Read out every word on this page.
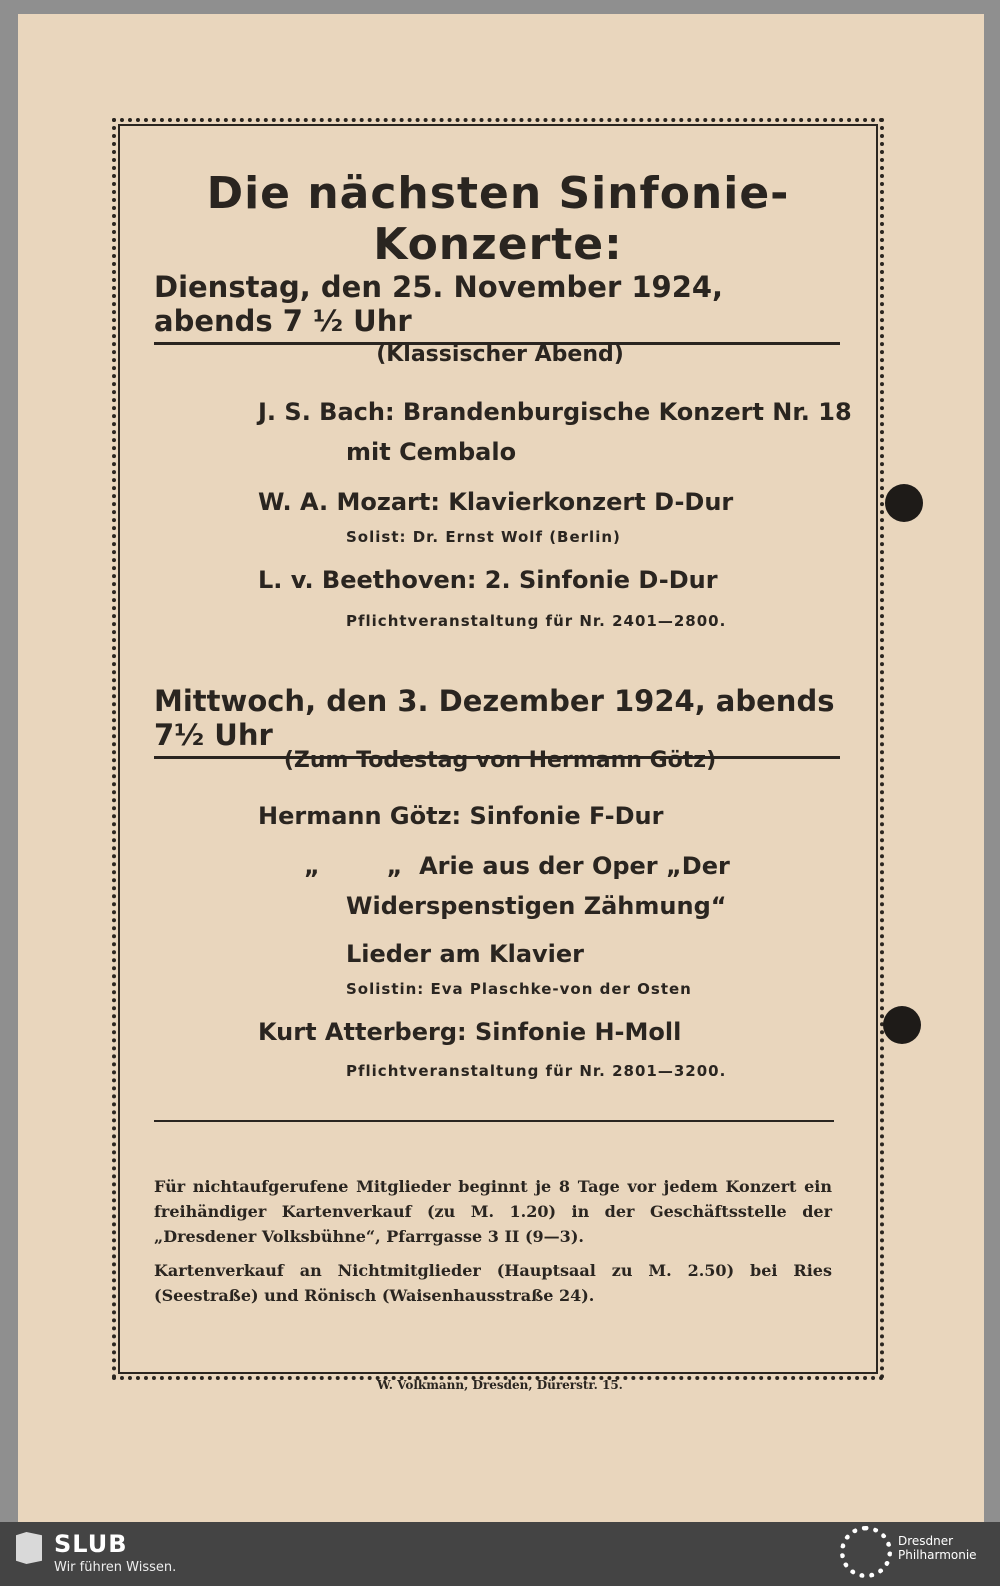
Die nächsten Sinfonie-Konzerte:
Dienstag, den 25. November 1924, abends 7 ½ Uhr
(Klassischer Abend)
J. S. Bach: Brandenburgische Konzert Nr. 18
mit Cembalo
W. A. Mozart: Klavierkonzert D-Dur
Solist: Dr. Ernst Wolf (Berlin)
L. v. Beethoven: 2. Sinfonie D-Dur
Pflichtveranstaltung für Nr. 2401—2800.
Mittwoch, den 3. Dezember 1924, abends 7½ Uhr
(Zum Todestag von Hermann Götz)
Hermann Götz: Sinfonie F-Dur
„        „  Arie aus der Oper „Der
Widerspenstigen Zähmung“
Lieder am Klavier
Solistin: Eva Plaschke-von der Osten
Kurt Atterberg: Sinfonie H-Moll
Pflichtveranstaltung für Nr. 2801—3200.
Für nichtaufgerufene Mitglieder beginnt je 8 Tage vor jedem Konzert ein freihändiger Kartenverkauf (zu M. 1.20) in der Geschäftsstelle der „Dresdener Volksbühne“, Pfarrgasse 3 II (9—3).
Kartenverkauf an Nichtmitglieder (Hauptsaal zu M. 2.50) bei Ries (Seestraße) und Rönisch (Waisenhausstraße 24).
W. Volkmann, Dresden, Dürerstr. 15.
SLUB
Wir führen Wissen.
Dresdner
Philharmonie
